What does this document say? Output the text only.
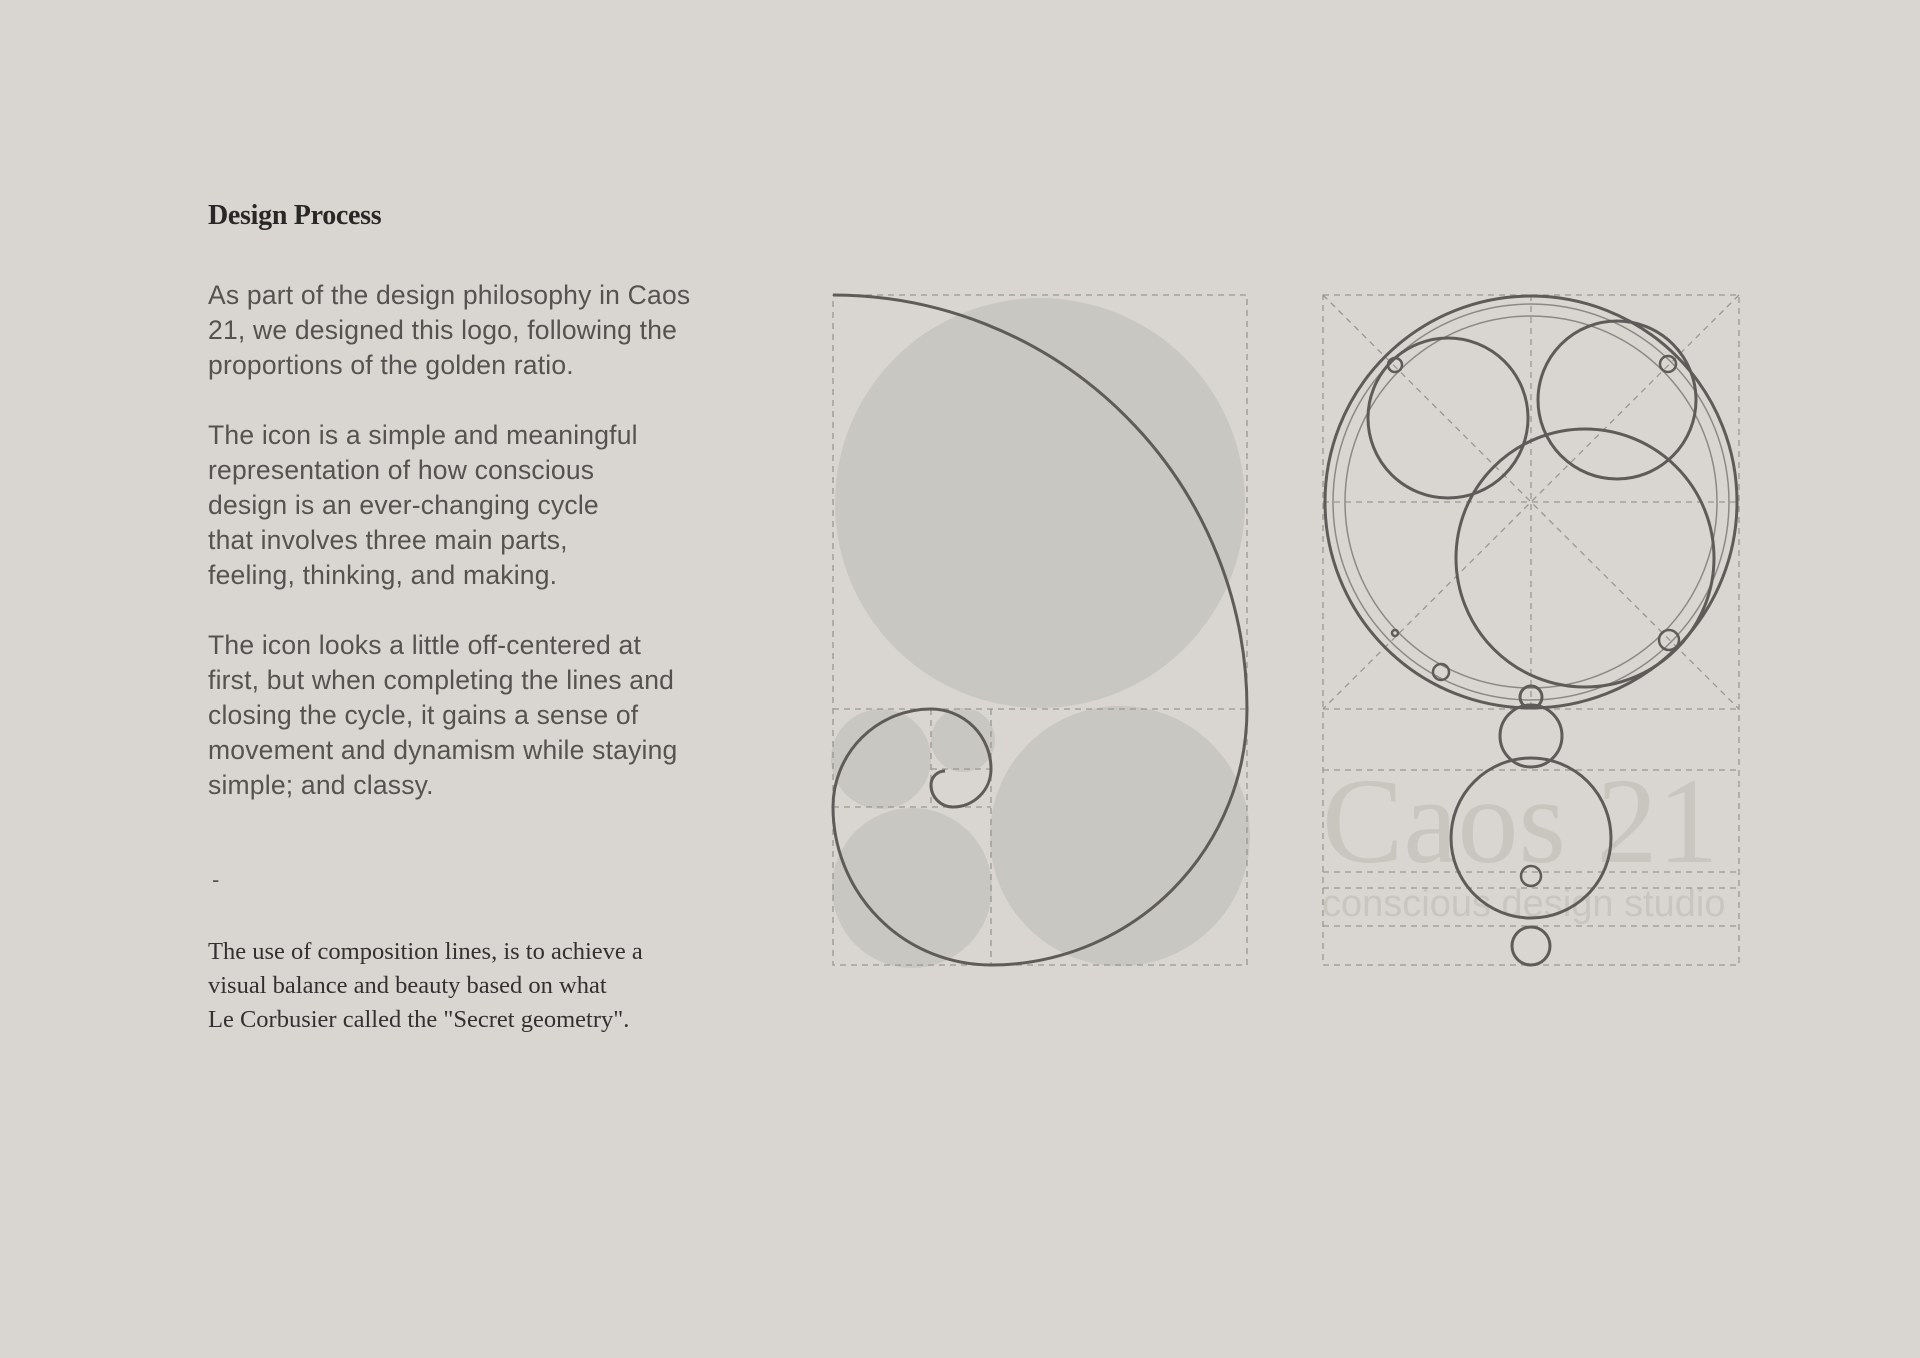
Design Process

As part of the design philosophy in Caos
21, we designed this logo, following the
proportions of the golden ratio.

The icon is a simple and meaningful
representation of how conscious
design is an ever-changing cycle
that involves three main parts,
feeling, thinking, and making.

The icon looks a little off-centered at
first, but when completing the lines and
closing the cycle, it gains a sense of
movement and dynamism while staying
simple; and classy.

-

The use of composition lines, is to achieve a
visual balance and beauty based on what
Le Corbusier called the "Secret geometry".

Caos 21
conscious design studio
